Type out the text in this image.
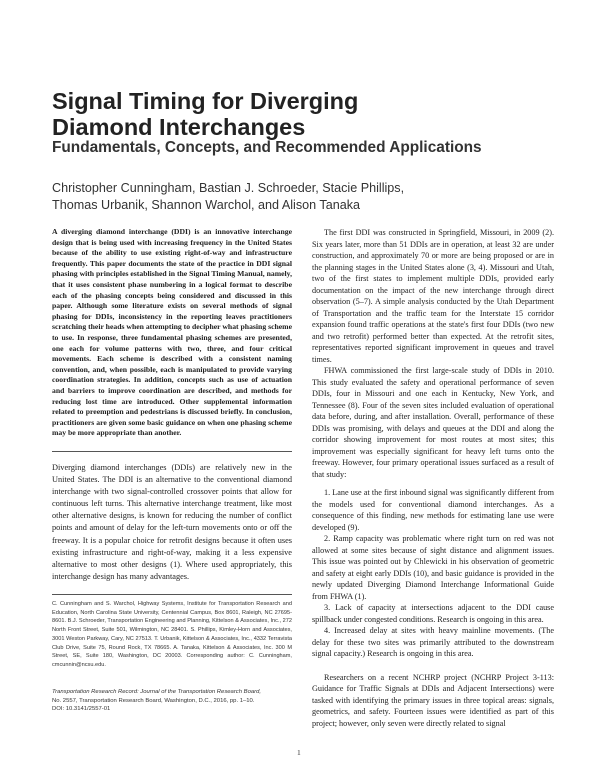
Signal Timing for Diverging
Diamond Interchanges
Fundamentals, Concepts, and Recommended Applications
Christopher Cunningham, Bastian J. Schroeder, Stacie Phillips,
Thomas Urbanik, Shannon Warchol, and Alison Tanaka

A diverging diamond interchange (DDI) is an innovative interchange design that is being used with increasing frequency in the United States because of the ability to use existing right-of-way and infrastructure frequently. This paper documents the state of the practice in DDI signal phasing with principles established in the Signal Timing Manual, namely, that it uses consistent phase numbering in a logical format to describe each of the phasing concepts being considered and discussed in this paper. Although some literature exists on several methods of signal phasing for DDIs, inconsistency in the reporting leaves practitioners scratching their heads when attempting to decipher what phasing scheme to use. In response, three fundamental phasing schemes are presented, one each for volume patterns with two, three, and four critical movements. Each scheme is described with a consistent naming convention, and, when possible, each is manipulated to provide varying coordination strategies. In addition, concepts such as use of actuation and barriers to improve coordination are described, and methods for reducing lost time are introduced. Other supplemental information related to preemption and pedestrians is discussed briefly. In conclusion, practitioners are given some basic guidance on when one phasing scheme may be more appropriate than another.

Diverging diamond interchanges (DDIs) are relatively new in the United States. The DDI is an alternative to the conventional diamond interchange with two signal-controlled crossover points that allow for continuous left turns. This alternative interchange treatment, like most other alternative designs, is known for reducing the number of conflict points and amount of delay for the left-turn movements onto or off the freeway. It is a popular choice for retrofit designs because it often uses existing infrastructure and right-of-way, making it a less expensive alternative to most other designs (1). Where used appropriately, this interchange design has many advantages.

C. Cunningham and S. Warchol, Highway Systems, Institute for Transportation Research and Education, North Carolina State University, Centennial Campus, Box 8601, Raleigh, NC 27695-8601. B.J. Schroeder, Transportation Engineering and Planning, Kittelson & Associates, Inc., 272 North Front Street, Suite 501, Wilmington, NC 28401. S. Phillips, Kimley-Horn and Associates, 3001 Weston Parkway, Cary, NC 27513. T. Urbanik, Kittelson & Associates, Inc., 4332 Terravista Club Drive, Suite 75, Round Rock, TX 78665. A. Tanaka, Kittelson & Associates, Inc. 300 M Street, SE, Suite 180, Washington, DC 20003. Corresponding author: C. Cunningham, cmcunnin@ncsu.edu.
Transportation Research Record: Journal of the Transportation Research Board,
No. 2557, Transportation Research Board, Washington, D.C., 2016, pp. 1–10.
DOI: 10.3141/2557-01

The first DDI was constructed in Springfield, Missouri, in 2009 (2). Six years later, more than 51 DDIs are in operation, at least 32 are under construction, and approximately 70 or more are being proposed or are in the planning stages in the United States alone (3, 4). Missouri and Utah, two of the first states to implement multiple DDIs, provided early documentation on the impact of the new interchange through direct observation (5–7). A simple analysis conducted by the Utah Department of Transportation and the traffic team for the Interstate 15 corridor expansion found traffic operations at the state's first four DDIs (two new and two retrofit) performed better than expected. At the retrofit sites, representatives reported significant improvement in queues and travel times.

FHWA commissioned the first large-scale study of DDIs in 2010. This study evaluated the safety and operational performance of seven DDIs, four in Missouri and one each in Kentucky, New York, and Tennessee (8). Four of the seven sites included evaluation of operational data before, during, and after installation. Overall, performance of these DDIs was promising, with delays and queues at the DDI and along the corridor showing improvement for most routes at most sites; this improvement was especially significant for heavy left turns onto the freeway. However, four primary operational issues surfaced as a result of that study:

1. Lane use at the first inbound signal was significantly different from the models used for conventional diamond interchanges. As a consequence of this finding, new methods for estimating lane use were developed (9).

2. Ramp capacity was problematic where right turn on red was not allowed at some sites because of sight distance and alignment issues. This issue was pointed out by Chlewicki in his observation of geometric and safety at eight early DDIs (10), and basic guidance is provided in the newly updated Diverging Diamond Interchange Informational Guide from FHWA (1).

3. Lack of capacity at intersections adjacent to the DDI cause spillback under congested conditions. Research is ongoing in this area.

4. Increased delay at sites with heavy mainline movements. (The delay for these two sites was primarily attributed to the downstream signal capacity.) Research is ongoing in this area.

Researchers on a recent NCHRP project (NCHRP Project 3-113: Guidance for Traffic Signals at DDIs and Adjacent Intersections) were tasked with identifying the primary issues in three topical areas: signals, geometrics, and safety. Fourteen issues were identified as part of this project; however, only seven were directly related to signal

1
